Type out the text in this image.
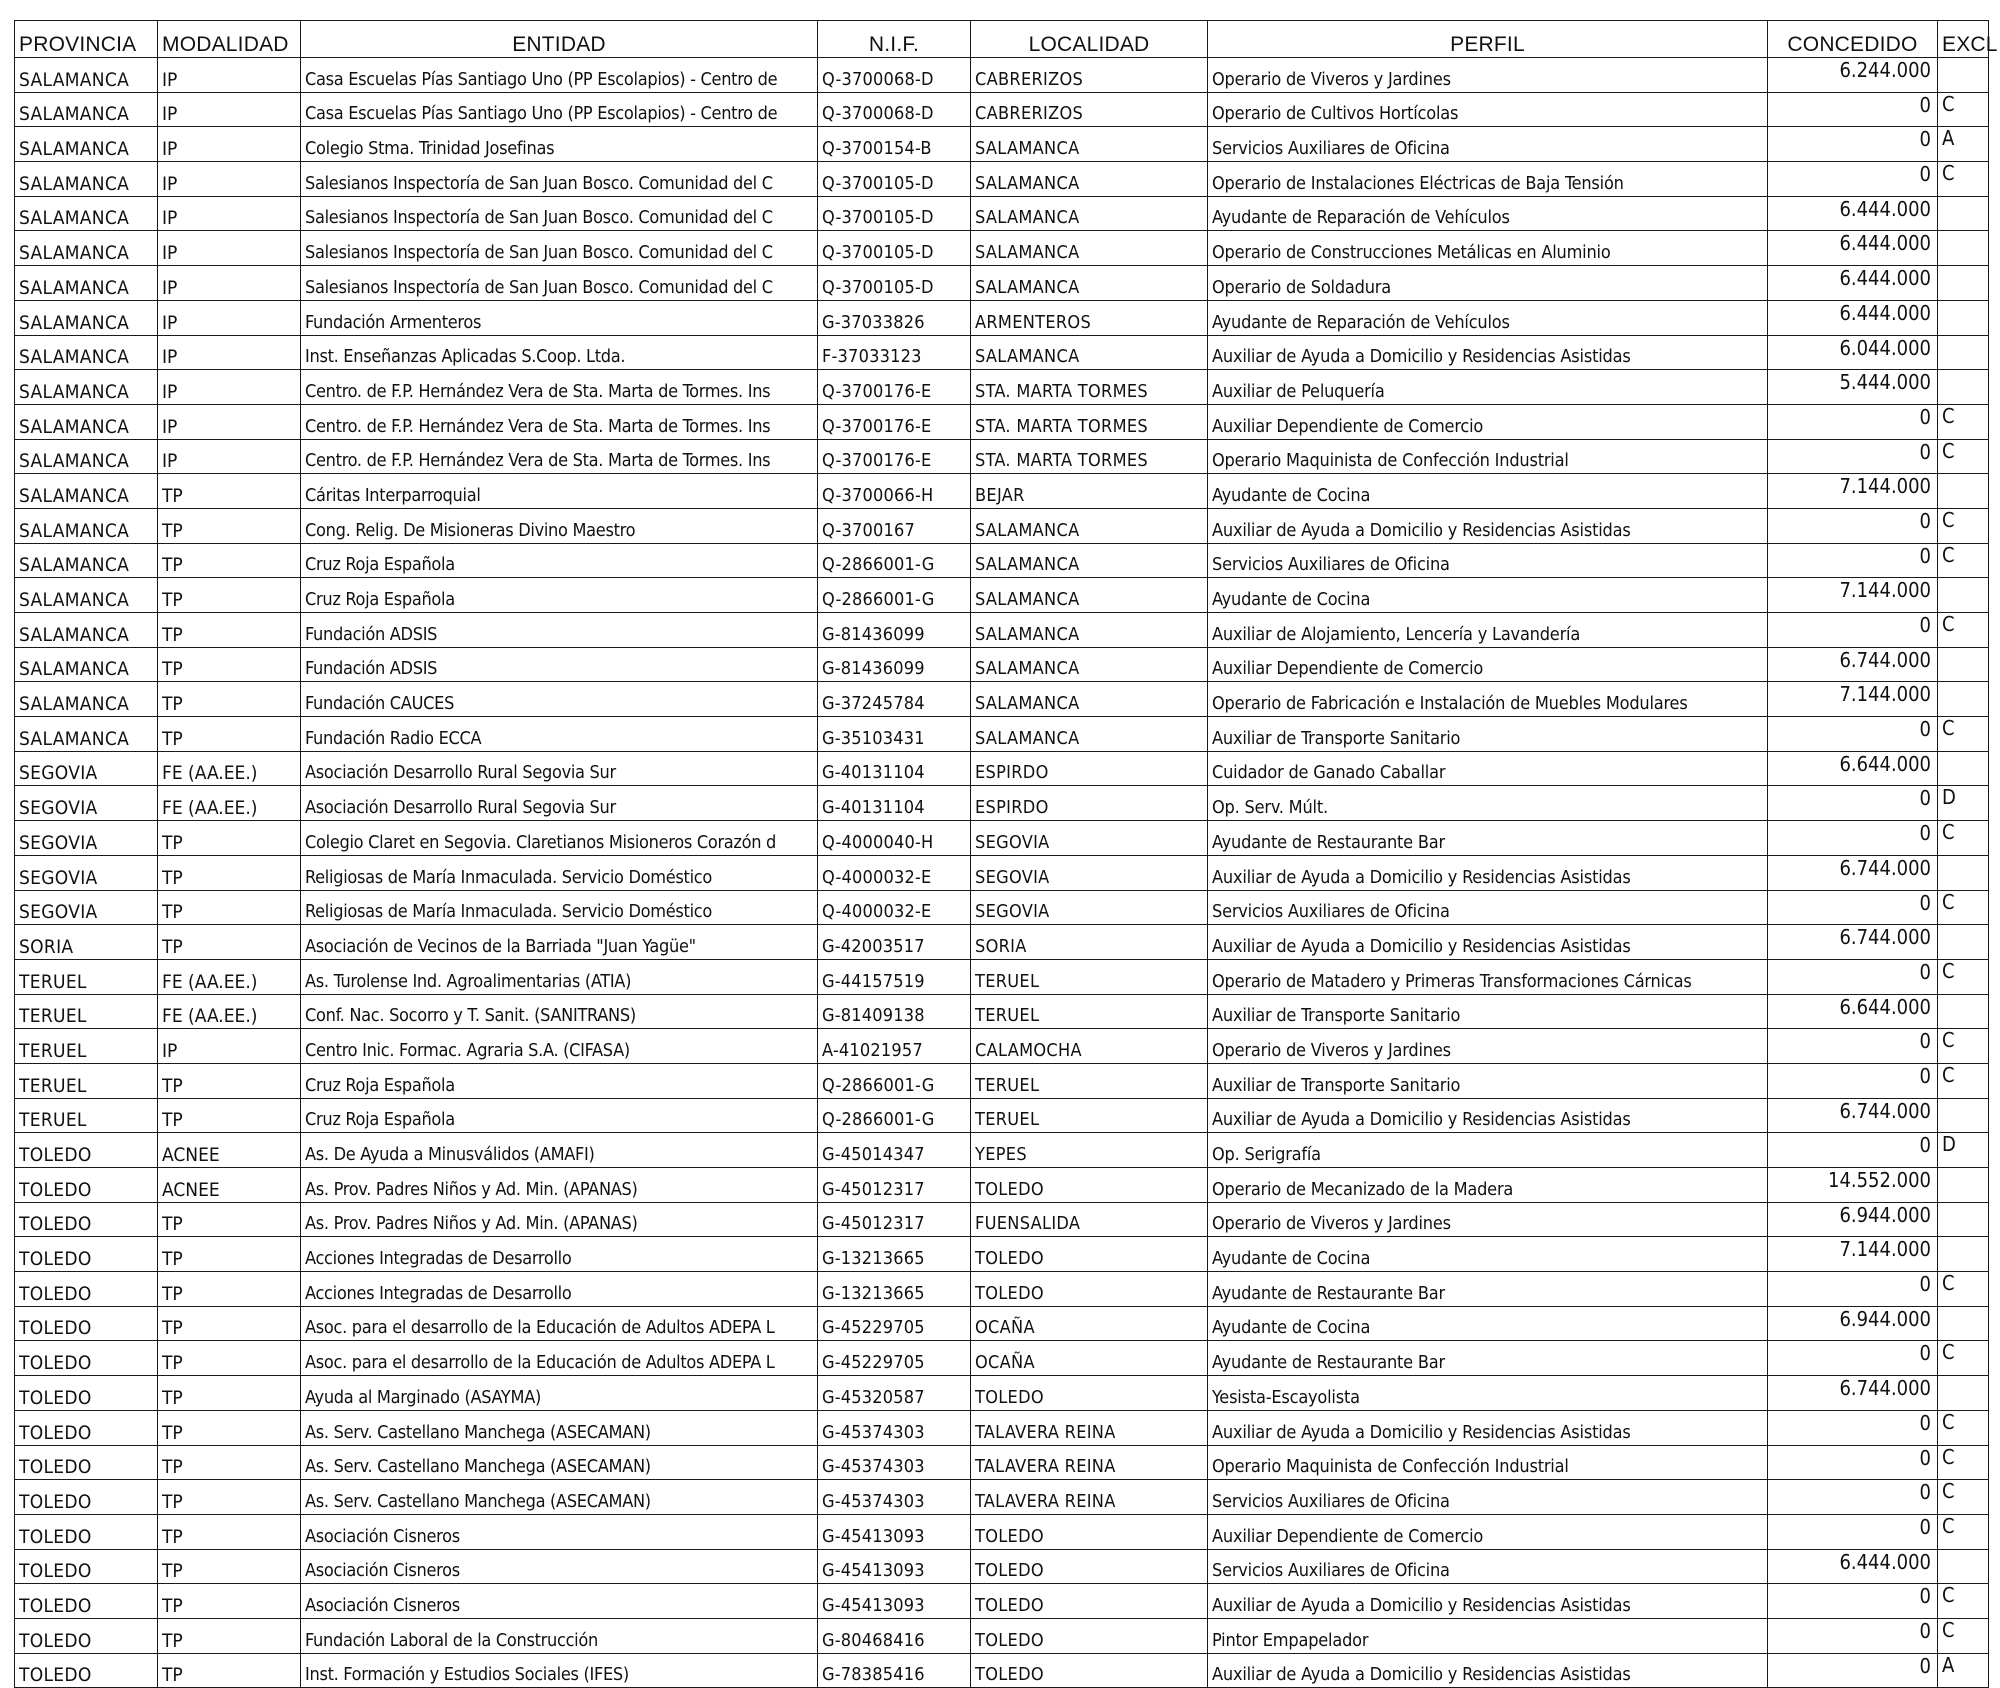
PROVINCIA	MODALIDAD	ENTIDAD	N.I.F.	LOCALIDAD	PERFIL	CONCEDIDO	EXCL
SALAMANCA	IP	Casa Escuelas Pías Santiago Uno (PP Escolapios) - Centro de	Q-3700068-D	CABRERIZOS	Operario de Viveros y Jardines	6.244.000	
SALAMANCA	IP	Casa Escuelas Pías Santiago Uno (PP Escolapios) - Centro de	Q-3700068-D	CABRERIZOS	Operario de Cultivos Hortícolas	0	C
SALAMANCA	IP	Colegio Stma. Trinidad Josefinas	Q-3700154-B	SALAMANCA	Servicios Auxiliares de Oficina	0	A
SALAMANCA	IP	Salesianos Inspectoría de San Juan Bosco. Comunidad del C	Q-3700105-D	SALAMANCA	Operario de Instalaciones Eléctricas de Baja Tensión	0	C
SALAMANCA	IP	Salesianos Inspectoría de San Juan Bosco. Comunidad del C	Q-3700105-D	SALAMANCA	Ayudante de Reparación de Vehículos	6.444.000	
SALAMANCA	IP	Salesianos Inspectoría de San Juan Bosco. Comunidad del C	Q-3700105-D	SALAMANCA	Operario de Construcciones Metálicas en Aluminio	6.444.000	
SALAMANCA	IP	Salesianos Inspectoría de San Juan Bosco. Comunidad del C	Q-3700105-D	SALAMANCA	Operario de Soldadura	6.444.000	
SALAMANCA	IP	Fundación Armenteros	G-37033826	ARMENTEROS	Ayudante de Reparación de Vehículos	6.444.000	
SALAMANCA	IP	Inst. Enseñanzas Aplicadas S.Coop. Ltda.	F-37033123	SALAMANCA	Auxiliar de Ayuda a Domicilio y Residencias Asistidas	6.044.000	
SALAMANCA	IP	Centro. de F.P. Hernández Vera de Sta. Marta de Tormes. Ins	Q-3700176-E	STA. MARTA TORMES	Auxiliar de Peluquería	5.444.000	
SALAMANCA	IP	Centro. de F.P. Hernández Vera de Sta. Marta de Tormes. Ins	Q-3700176-E	STA. MARTA TORMES	Auxiliar Dependiente de Comercio	0	C
SALAMANCA	IP	Centro. de F.P. Hernández Vera de Sta. Marta de Tormes. Ins	Q-3700176-E	STA. MARTA TORMES	Operario Maquinista de Confección Industrial	0	C
SALAMANCA	TP	Cáritas Interparroquial	Q-3700066-H	BEJAR	Ayudante de Cocina	7.144.000	
SALAMANCA	TP	Cong. Relig. De Misioneras Divino Maestro	Q-3700167	SALAMANCA	Auxiliar de Ayuda a Domicilio y Residencias Asistidas	0	C
SALAMANCA	TP	Cruz Roja Española	Q-2866001-G	SALAMANCA	Servicios Auxiliares de Oficina	0	C
SALAMANCA	TP	Cruz Roja Española	Q-2866001-G	SALAMANCA	Ayudante de Cocina	7.144.000	
SALAMANCA	TP	Fundación ADSIS	G-81436099	SALAMANCA	Auxiliar de Alojamiento, Lencería y Lavandería	0	C
SALAMANCA	TP	Fundación ADSIS	G-81436099	SALAMANCA	Auxiliar Dependiente de Comercio	6.744.000	
SALAMANCA	TP	Fundación CAUCES	G-37245784	SALAMANCA	Operario de Fabricación e Instalación de Muebles Modulares	7.144.000	
SALAMANCA	TP	Fundación Radio ECCA	G-35103431	SALAMANCA	Auxiliar de Transporte Sanitario	0	C
SEGOVIA	FE (AA.EE.)	Asociación Desarrollo Rural Segovia Sur	G-40131104	ESPIRDO	Cuidador de Ganado Caballar	6.644.000	
SEGOVIA	FE (AA.EE.)	Asociación Desarrollo Rural Segovia Sur	G-40131104	ESPIRDO	Op. Serv. Múlt.	0	D
SEGOVIA	TP	Colegio Claret en Segovia. Claretianos Misioneros Corazón d	Q-4000040-H	SEGOVIA	Ayudante de Restaurante Bar	0	C
SEGOVIA	TP	Religiosas de María Inmaculada. Servicio Doméstico	Q-4000032-E	SEGOVIA	Auxiliar de Ayuda a Domicilio y Residencias Asistidas	6.744.000	
SEGOVIA	TP	Religiosas de María Inmaculada. Servicio Doméstico	Q-4000032-E	SEGOVIA	Servicios Auxiliares de Oficina	0	C
SORIA	TP	Asociación de Vecinos de la Barriada "Juan Yagüe"	G-42003517	SORIA	Auxiliar de Ayuda a Domicilio y Residencias Asistidas	6.744.000	
TERUEL	FE (AA.EE.)	As. Turolense Ind. Agroalimentarias (ATIA)	G-44157519	TERUEL	Operario de Matadero y Primeras Transformaciones Cárnicas	0	C
TERUEL	FE (AA.EE.)	Conf. Nac. Socorro y T. Sanit. (SANITRANS)	G-81409138	TERUEL	Auxiliar de Transporte Sanitario	6.644.000	
TERUEL	IP	Centro Inic. Formac. Agraria S.A. (CIFASA)	A-41021957	CALAMOCHA	Operario de Viveros y Jardines	0	C
TERUEL	TP	Cruz Roja Española	Q-2866001-G	TERUEL	Auxiliar de Transporte Sanitario	0	C
TERUEL	TP	Cruz Roja Española	Q-2866001-G	TERUEL	Auxiliar de Ayuda a Domicilio y Residencias Asistidas	6.744.000	
TOLEDO	ACNEE	As. De Ayuda a Minusválidos (AMAFI)	G-45014347	YEPES	Op. Serigrafía	0	D
TOLEDO	ACNEE	As. Prov. Padres Niños y Ad. Min. (APANAS)	G-45012317	TOLEDO	Operario de Mecanizado de la Madera	14.552.000	
TOLEDO	TP	As. Prov. Padres Niños y Ad. Min. (APANAS)	G-45012317	FUENSALIDA	Operario de Viveros y Jardines	6.944.000	
TOLEDO	TP	Acciones Integradas de Desarrollo	G-13213665	TOLEDO	Ayudante de Cocina	7.144.000	
TOLEDO	TP	Acciones Integradas de Desarrollo	G-13213665	TOLEDO	Ayudante de Restaurante Bar	0	C
TOLEDO	TP	Asoc. para el desarrollo de la Educación de Adultos ADEPA L	G-45229705	OCAÑA	Ayudante de Cocina	6.944.000	
TOLEDO	TP	Asoc. para el desarrollo de la Educación de Adultos ADEPA L	G-45229705	OCAÑA	Ayudante de Restaurante Bar	0	C
TOLEDO	TP	Ayuda al Marginado (ASAYMA)	G-45320587	TOLEDO	Yesista-Escayolista	6.744.000	
TOLEDO	TP	As. Serv. Castellano Manchega (ASECAMAN)	G-45374303	TALAVERA REINA	Auxiliar de Ayuda a Domicilio y Residencias Asistidas	0	C
TOLEDO	TP	As. Serv. Castellano Manchega (ASECAMAN)	G-45374303	TALAVERA REINA	Operario Maquinista de Confección Industrial	0	C
TOLEDO	TP	As. Serv. Castellano Manchega (ASECAMAN)	G-45374303	TALAVERA REINA	Servicios Auxiliares de Oficina	0	C
TOLEDO	TP	Asociación Cisneros	G-45413093	TOLEDO	Auxiliar Dependiente de Comercio	0	C
TOLEDO	TP	Asociación Cisneros	G-45413093	TOLEDO	Servicios Auxiliares de Oficina	6.444.000	
TOLEDO	TP	Asociación Cisneros	G-45413093	TOLEDO	Auxiliar de Ayuda a Domicilio y Residencias Asistidas	0	C
TOLEDO	TP	Fundación Laboral de la Construcción	G-80468416	TOLEDO	Pintor Empapelador	0	C
TOLEDO	TP	Inst. Formación y Estudios Sociales (IFES)	G-78385416	TOLEDO	Auxiliar de Ayuda a Domicilio y Residencias Asistidas	0	A
